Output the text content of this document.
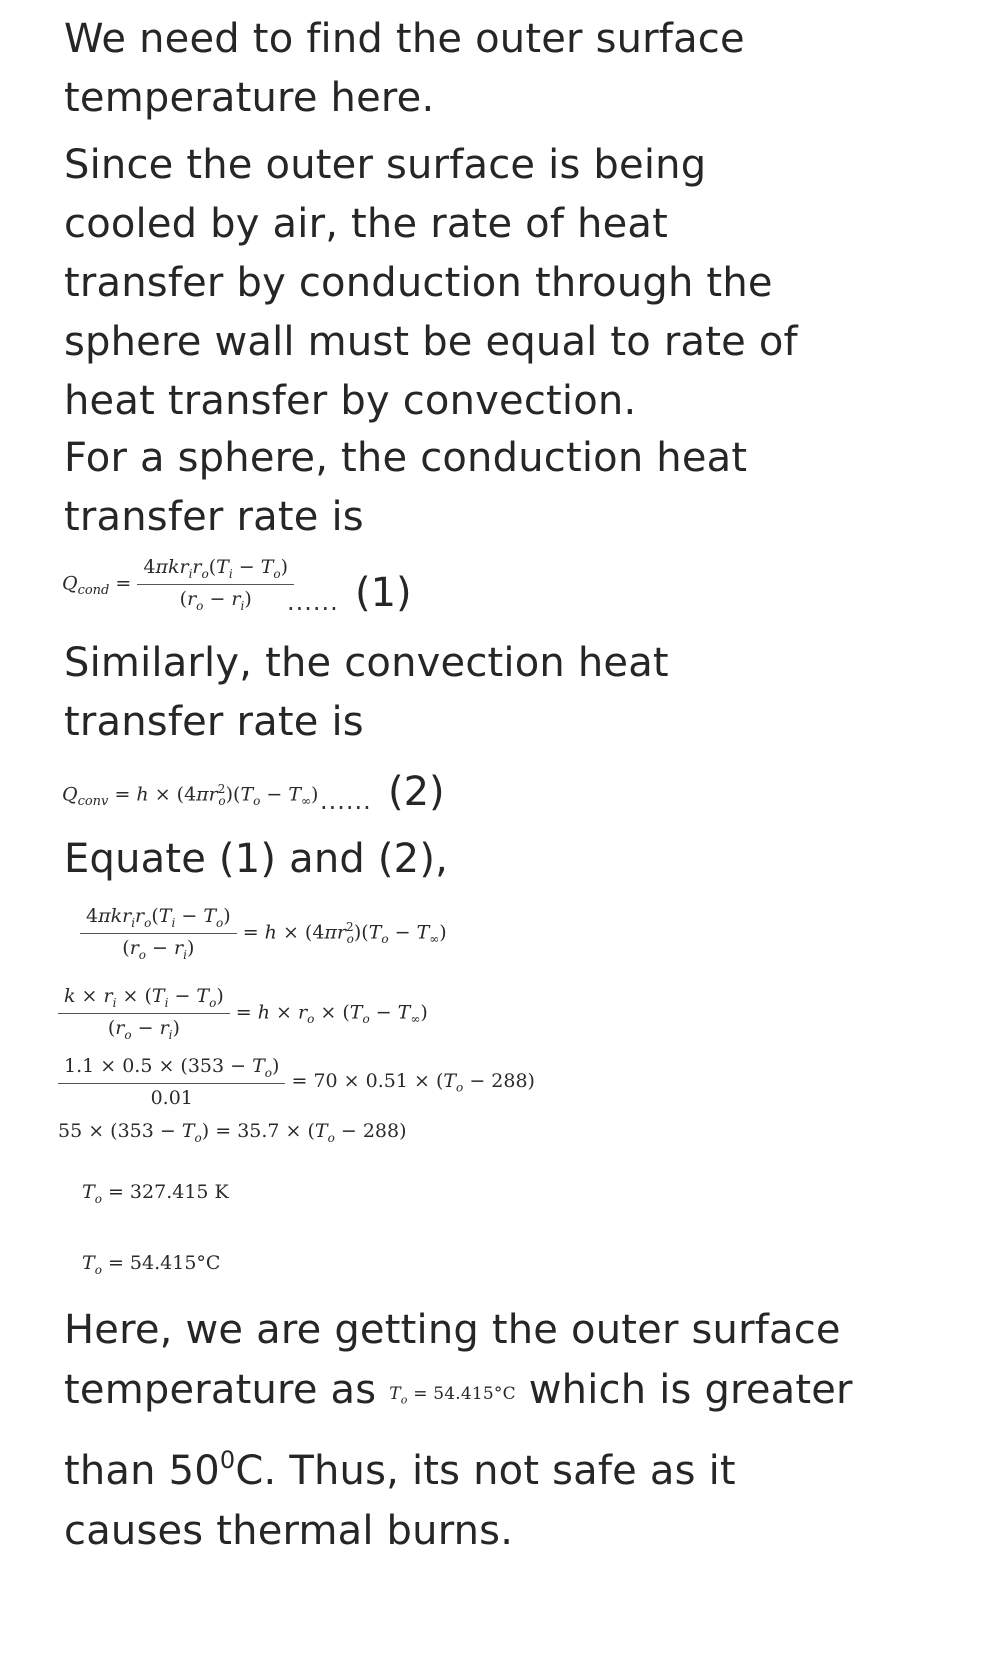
We need to find the outer surface temperature here.

Since the outer surface is being cooled by air, the rate of heat transfer by conduction through the sphere wall must be equal to rate of heat transfer by convection.

For a sphere, the conduction heat transfer rate is

$Q_{cond} = \frac{4\pi kr_ir_o(T_i - T_o)}{(r_o - r_i)}$
...... (1)

Similarly, the convection heat transfer rate is

$Q_{conv} = h \times (4\pi r^2_o)(T_o - T_\infty)$ ...... (2)

Equate (1) and (2),

$\frac{4\pi kr_ir_o(T_i - T_o)}{(r_o - r_i)} = h \times (4\pi r^2_o)(T_o - T_\infty)$
$\frac{k \times r_i \times (T_i - T_o)}{(r_o - r_i)} = h \times r_o \times (T_o - T_\infty)$
$\frac{1.1 \times 0.5 \times (353 - T_o)}{0.01} = 70 \times 0.51 \times (T_o - 288)$
$55 \times (353 - T_o) = 35.7 \times (T_o - 288)$
$T_o = 327.415$ K
$T_o = 54.415^\circ C$

Here, we are getting the outer surface temperature as $T_o = 54.415^\circ C$ which is greater than $50^0C$. Thus, its not safe as it causes thermal burns.
